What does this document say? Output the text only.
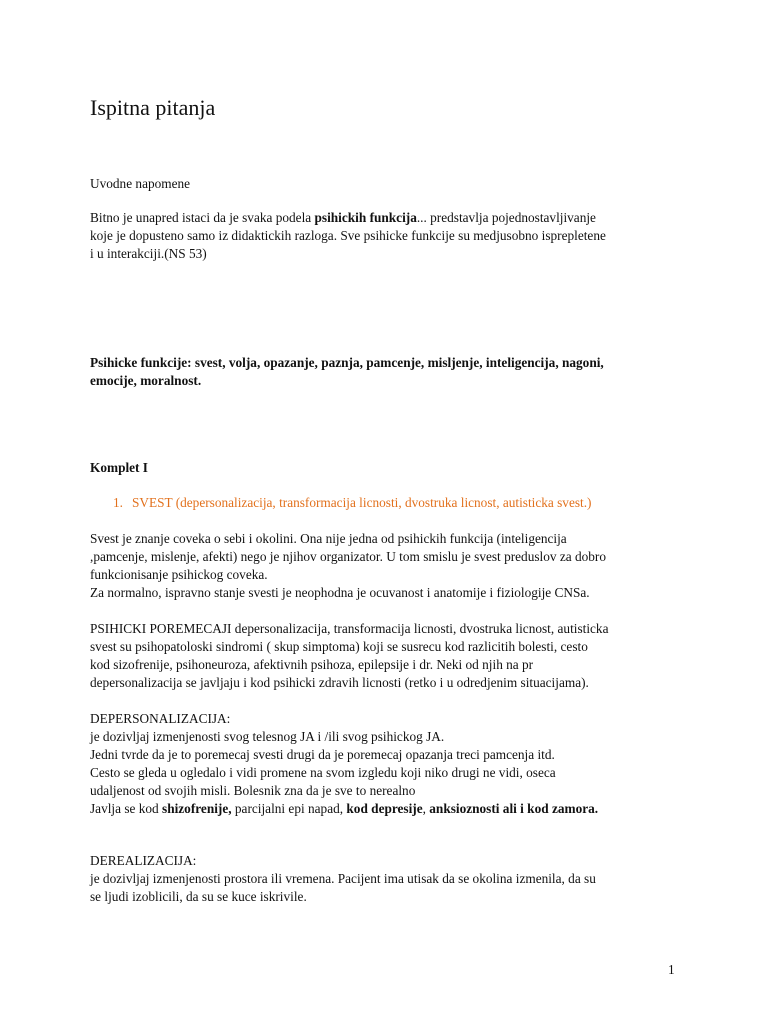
Ispitna pitanja
Uvodne napomene
Bitno je unapred istaci da je svaka podela psihickih funkcija... predstavlja pojednostavljivanje
koje je dopusteno samo iz didaktickih razloga. Sve psihicke funkcije su medjusobno isprepletene
i u interakciji.(NS 53)
Psihicke funkcije: svest, volja, opazanje, paznja, pamcenje, misljenje, inteligencija, nagoni,
emocije, moralnost.
Komplet I
1. SVEST (depersonalizacija, transformacija licnosti, dvostruka licnost, autisticka svest.)
Svest je znanje coveka o sebi i okolini. Ona nije jedna od psihickih funkcija (inteligencija
,pamcenje, mislenje, afekti) nego je njihov organizator. U tom smislu je svest preduslov za dobro
funkcionisanje psihickog coveka.
Za normalno, ispravno stanje svesti je neophodna je ocuvanost i anatomije i fiziologije CNSa.
PSIHICKI POREMECAJI depersonalizacija, transformacija licnosti, dvostruka licnost, autisticka
svest su psihopatoloski sindromi ( skup simptoma) koji se susrecu kod razlicitih bolesti, cesto
kod sizofrenije, psihoneuroza, afektivnih psihoza, epilepsije i dr. Neki od njih na pr
depersonalizacija se javljaju i kod psihicki zdravih licnosti (retko i u odredjenim situacijama).
DEPERSONALIZACIJA:
je dozivljaj izmenjenosti svog telesnog JA i /ili svog psihickog JA.
Jedni tvrde da je to poremecaj svesti drugi da je poremecaj opazanja treci pamcenja itd.
Cesto se gleda u ogledalo i vidi promene na svom izgledu koji niko drugi ne vidi, oseca
udaljenost od svojih misli. Bolesnik zna da je sve to nerealno
Javlja se kod shizofrenije, parcijalni epi napad, kod depresije, anksioznosti ali i kod zamora.
DEREALIZACIJA:
je dozivljaj izmenjenosti prostora ili vremena. Pacijent ima utisak da se okolina izmenila, da su
se ljudi izoblicili, da su se kuce iskrivile.
1
